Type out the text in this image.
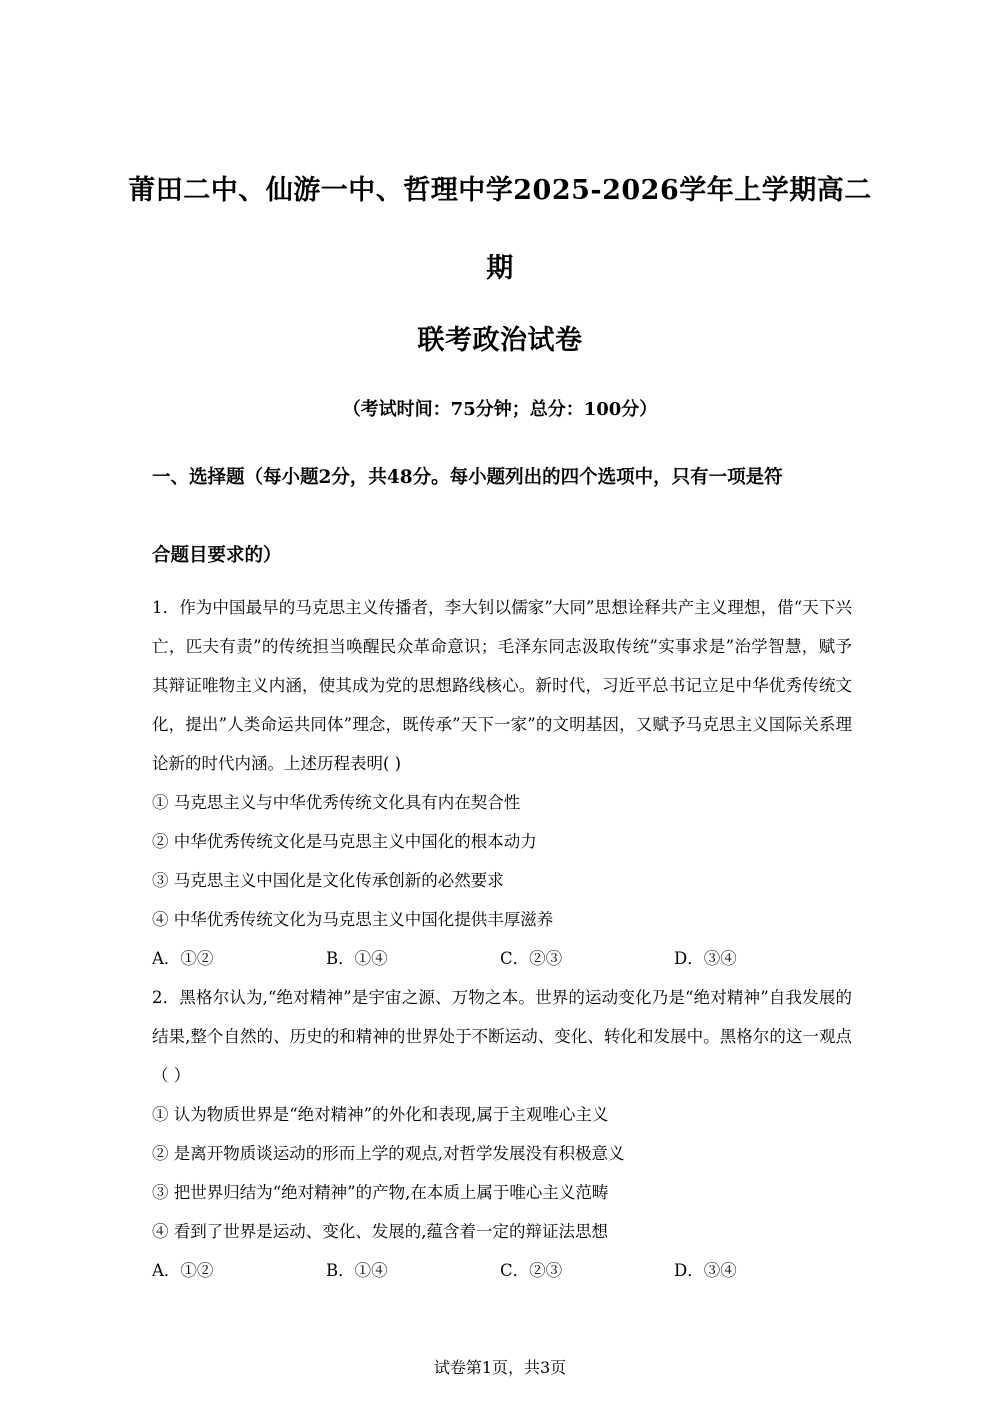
莆田二中、仙游一中、哲理中学2025-2026学年上学期高二
期
联考政治试卷
（考试时间：75分钟；总分：100分）
一、选择题（每小题2分，共48分。每小题列出的四个选项中，只有一项是符
合题目要求的）
1．作为中国最早的马克思主义传播者，李大钊以儒家”大同”思想诠释共产主义理想，借“天下兴亡，匹夫有责”的传统担当唤醒民众革命意识；毛泽东同志汲取传统”实事求是”治学智慧，赋予其辩证唯物主义内涵，使其成为党的思想路线核心。新时代，习近平总书记立足中华优秀传统文化，提出”人类命运共同体”理念，既传承”天下一家”的文明基因，又赋予马克思主义国际关系理论新的时代内涵。上述历程表明( )
① 马克思主义与中华优秀传统文化具有内在契合性
② 中华优秀传统文化是马克思主义中国化的根本动力
③ 马克思主义中国化是文化传承创新的必然要求
④ 中华优秀传统文化为马克思主义中国化提供丰厚滋养
A．①②	B．①④	C．②③	D．③④
2．黑格尔认为,“绝对精神”是宇宙之源、万物之本。世界的运动变化乃是“绝对精神”自我发展的结果,整个自然的、历史的和精神的世界处于不断运动、变化、转化和发展中。黑格尔的这一观点（ ）
① 认为物质世界是“绝对精神”的外化和表现,属于主观唯心主义
② 是离开物质谈运动的形而上学的观点,对哲学发展没有积极意义
③ 把世界归结为“绝对精神”的产物,在本质上属于唯心主义范畴
④ 看到了世界是运动、变化、发展的,蕴含着一定的辩证法思想
A．①②	B．①④	C．②③	D．③④
试卷第1页，共3页
